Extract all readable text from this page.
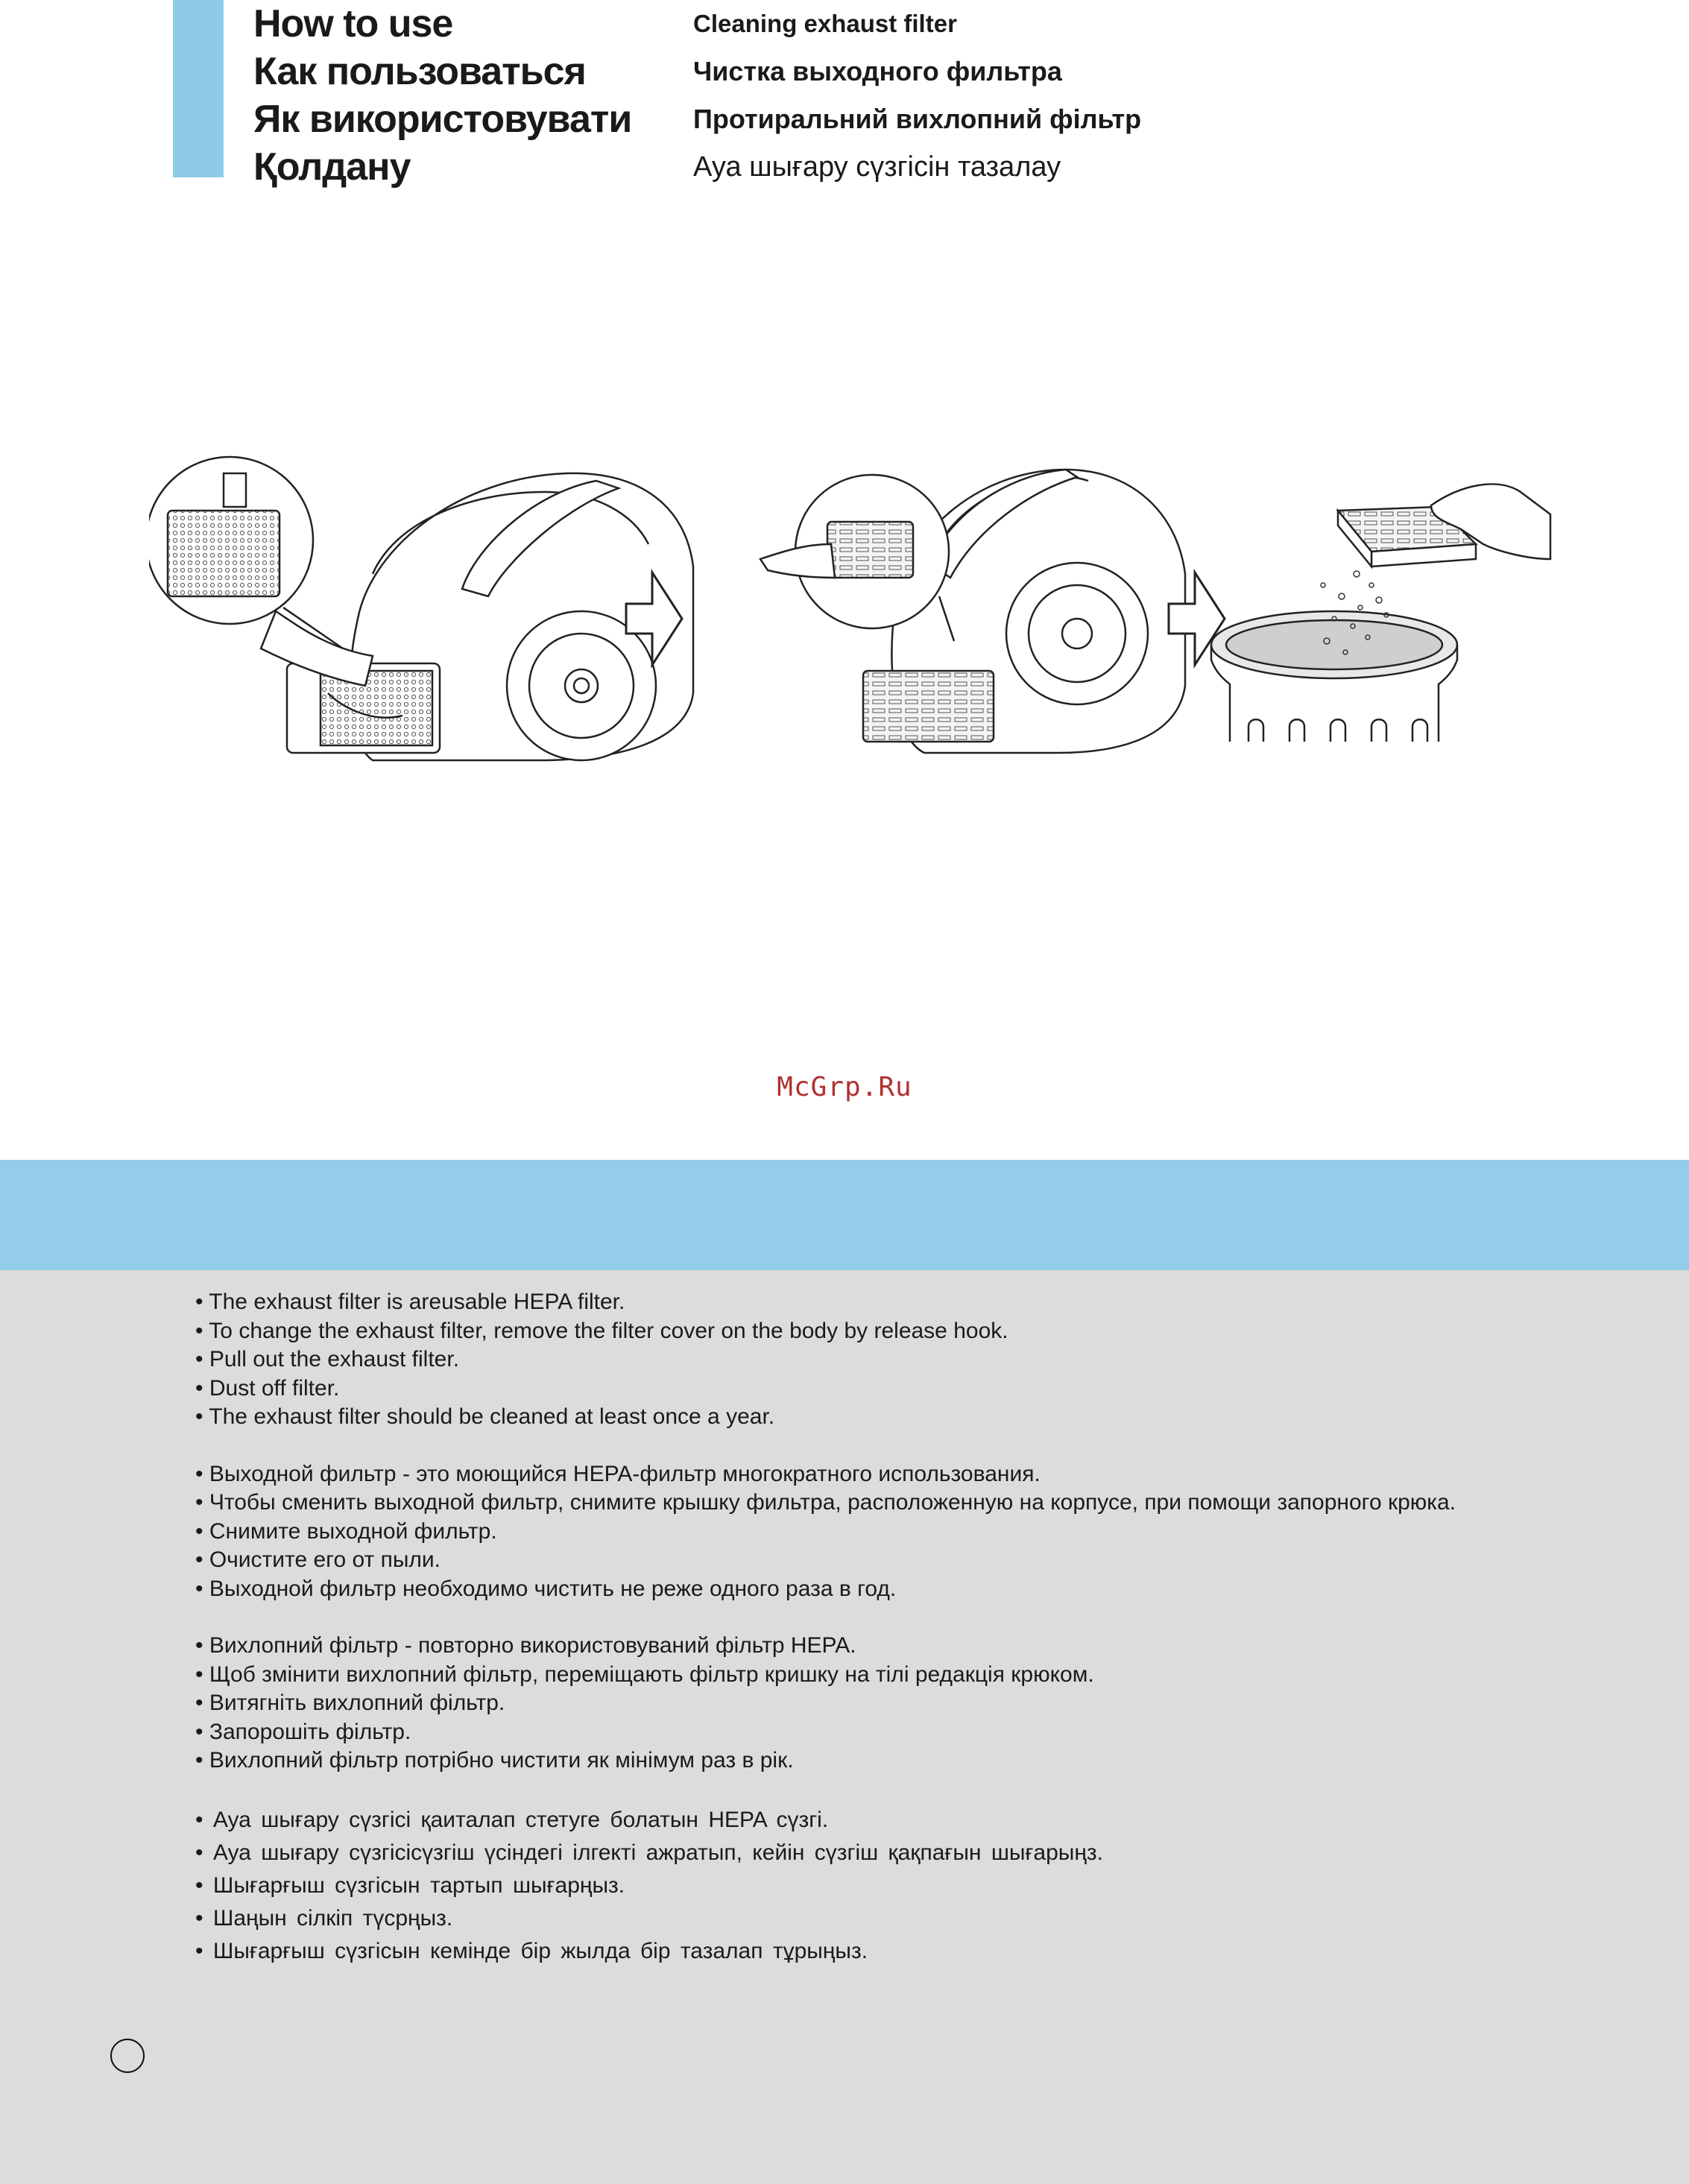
How to use
Как пользоваться
Як використовувати
Қолдану
Cleaning exhaust filter
Чистка выходного фильтра
Протиральний вихлопний фільтр
Ауа шығару сүзгісін тазалау
McGrp.Ru
• The exhaust filter is areusable HEPA filter.
• To change the exhaust filter, remove the filter cover on the body by release hook.
• Pull out the exhaust filter.
• Dust off filter.
• The exhaust filter should be cleaned at least once a year.
• Выходной фильтр - это моющийся HEPA-фильтр многократного использования.
• Чтобы сменить выходной фильтр, снимите крышку фильтра, расположенную на корпусе, при помощи запорного крюка.
• Снимите выходной фильтр.
• Очистите его от пыли.
• Выходной фильтр необходимо чистить не реже одного раза в год.
• Вихлопний фільтр - повторно використовуваний фільтр HEPA.
• Щоб змінити вихлопний фільтр, переміщають фільтр кришку на тілі редакція крюком.
• Витягніть вихлопний фільтр.
• Запорошіть фільтр.
• Вихлопний фільтр потрібно чистити як мінімум раз в рік.
• Ауа шығару сүзгісі қаиталап стетуге болатын HEPA сүзгі.
• Ауа шығару сүзгісісүзгіш үсіндегі ілгекті ажратып, кейін сүзгіш қақпағын шығарыңз.
• Шығарғыш сүзгісын тартып шығарңыз.
• Шаңын сілкіп түсрңыз.
• Шығарғыш сүзгісын кемінде бір жылда бір тазалап тұрыңыз.
